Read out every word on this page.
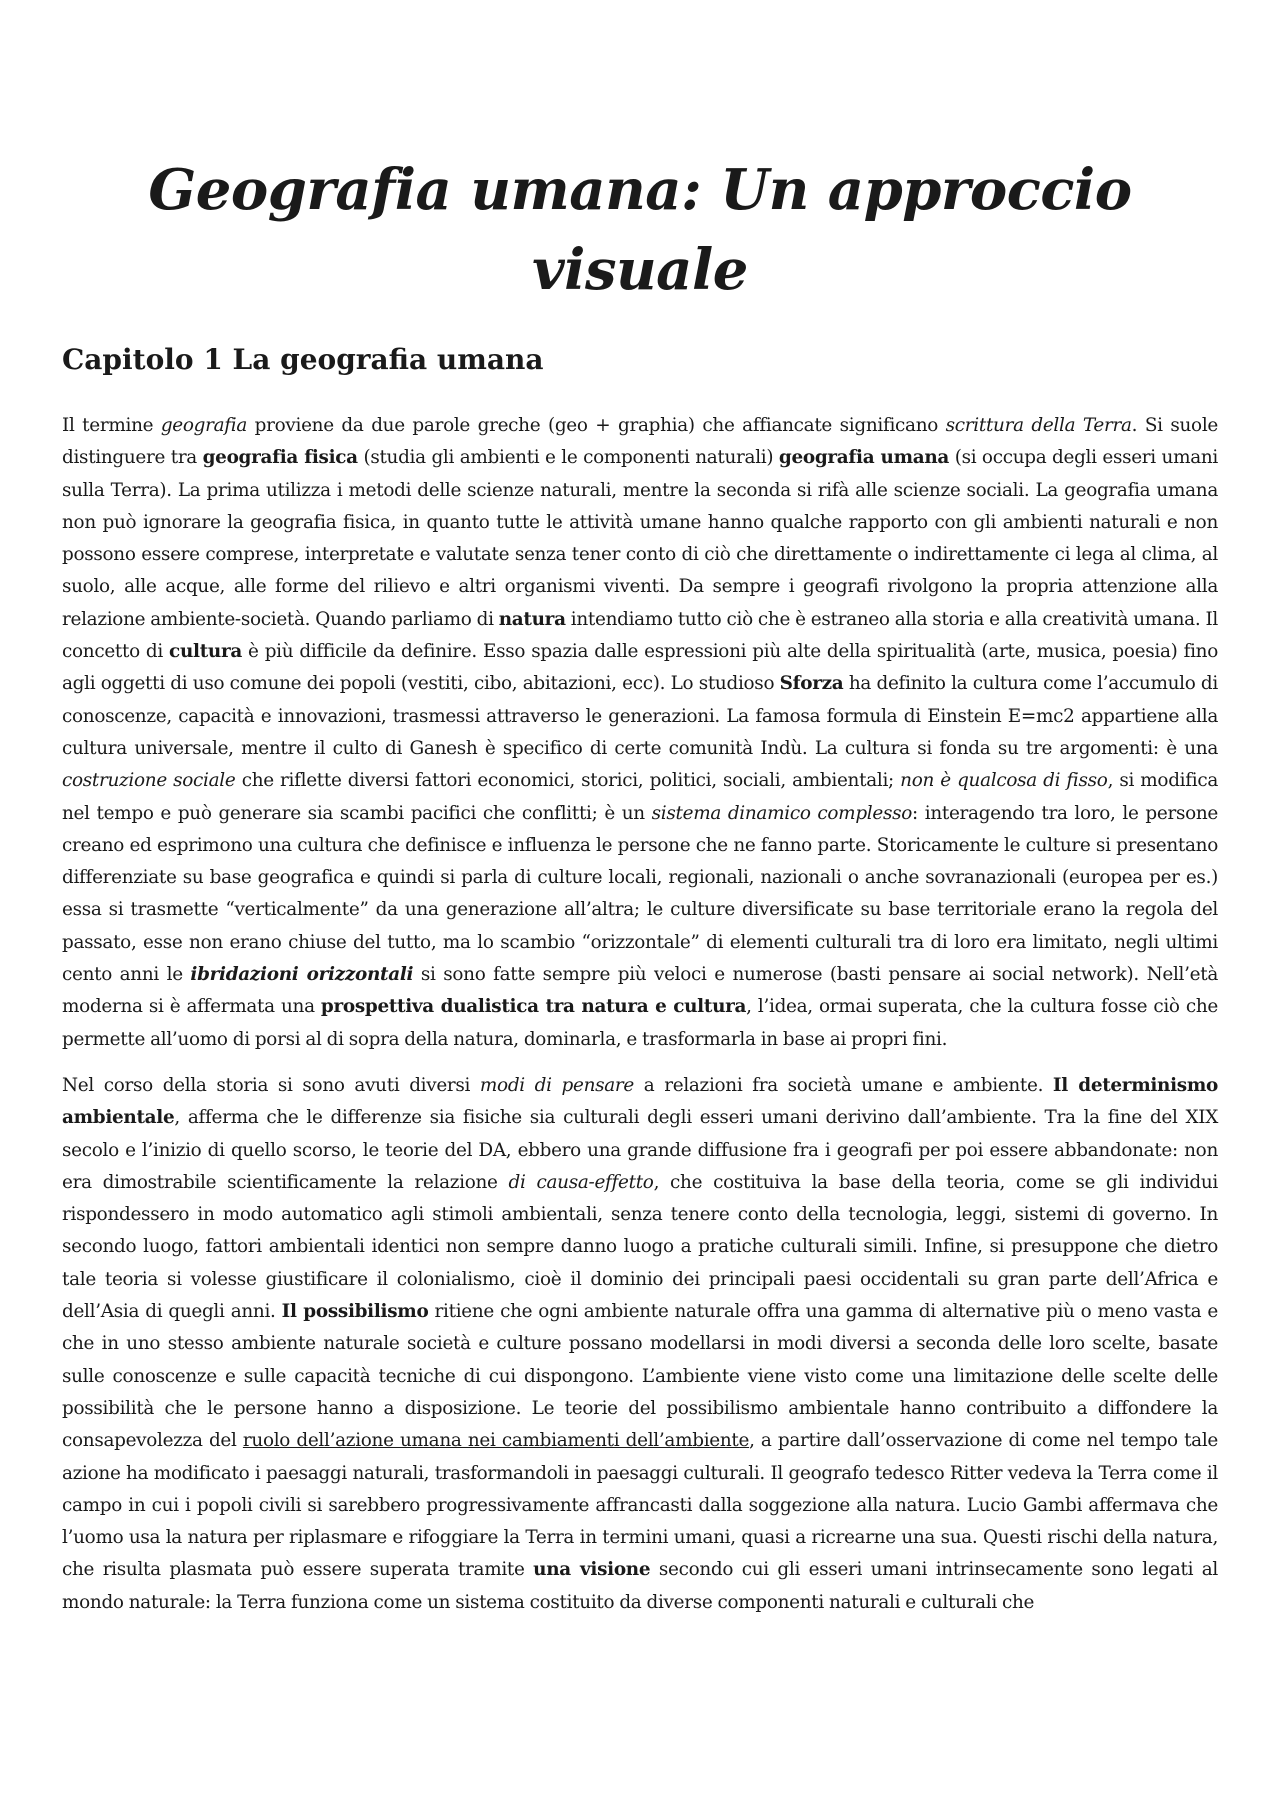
Geografia umana: Un approccio visuale
Capitolo 1 La geografia umana

Il termine geografia proviene da due parole greche (geo + graphia) che affiancate significano scrittura della Terra. Si suole distinguere tra geografia fisica (studia gli ambienti e le componenti naturali) geografia umana (si occupa degli esseri umani sulla Terra). La prima utilizza i metodi delle scienze naturali, mentre la seconda si rifà alle scienze sociali. La geografia umana non può ignorare la geografia fisica, in quanto tutte le attività umane hanno qualche rapporto con gli ambienti naturali e non possono essere comprese, interpretate e valutate senza tener conto di ciò che direttamente o indirettamente ci lega al clima, al suolo, alle acque, alle forme del rilievo e altri organismi viventi. Da sempre i geografi rivolgono la propria attenzione alla relazione ambiente-società. Quando parliamo di natura intendiamo tutto ciò che è estraneo alla storia e alla creatività umana. Il concetto di cultura è più difficile da definire. Esso spazia dalle espressioni più alte della spiritualità (arte, musica, poesia) fino agli oggetti di uso comune dei popoli (vestiti, cibo, abitazioni, ecc). Lo studioso Sforza ha definito la cultura come l’accumulo di conoscenze, capacità e innovazioni, trasmessi attraverso le generazioni. La famosa formula di Einstein E=mc2 appartiene alla cultura universale, mentre il culto di Ganesh è specifico di certe comunità Indù. La cultura si fonda su tre argomenti: è una costruzione sociale che riflette diversi fattori economici, storici, politici, sociali, ambientali; non è qualcosa di fisso, si modifica nel tempo e può generare sia scambi pacifici che conflitti; è un sistema dinamico complesso: interagendo tra loro, le persone creano ed esprimono una cultura che definisce e influenza le persone che ne fanno parte. Storicamente le culture si presentano differenziate su base geografica e quindi si parla di culture locali, regionali, nazionali o anche sovranazionali (europea per es.) essa si trasmette “verticalmente” da una generazione all’altra; le culture diversificate su base territoriale erano la regola del passato, esse non erano chiuse del tutto, ma lo scambio “orizzontale” di elementi culturali tra di loro era limitato, negli ultimi cento anni le ibridazioni orizzontali si sono fatte sempre più veloci e numerose (basti pensare ai social network). Nell’età moderna si è affermata una prospettiva dualistica tra natura e cultura, l’idea, ormai superata, che la cultura fosse ciò che permette all’uomo di porsi al di sopra della natura, dominarla, e trasformarla in base ai propri fini.

Nel corso della storia si sono avuti diversi modi di pensare a relazioni fra società umane e ambiente. Il determinismo ambientale, afferma che le differenze sia fisiche sia culturali degli esseri umani derivino dall’ambiente. Tra la fine del XIX secolo e l’inizio di quello scorso, le teorie del DA, ebbero una grande diffusione fra i geografi per poi essere abbandonate: non era dimostrabile scientificamente la relazione di causa-effetto, che costituiva la base della teoria, come se gli individui rispondessero in modo automatico agli stimoli ambientali, senza tenere conto della tecnologia, leggi, sistemi di governo. In secondo luogo, fattori ambientali identici non sempre danno luogo a pratiche culturali simili. Infine, si presuppone che dietro tale teoria si volesse giustificare il colonialismo, cioè il dominio dei principali paesi occidentali su gran parte dell’Africa e dell’Asia di quegli anni. Il possibilismo ritiene che ogni ambiente naturale offra una gamma di alternative più o meno vasta e che in uno stesso ambiente naturale società e culture possano modellarsi in modi diversi a seconda delle loro scelte, basate sulle conoscenze e sulle capacità tecniche di cui dispongono. L’ambiente viene visto come una limitazione delle scelte delle possibilità che le persone hanno a disposizione. Le teorie del possibilismo ambientale hanno contribuito a diffondere la consapevolezza del ruolo dell’azione umana nei cambiamenti dell’ambiente, a partire dall’osservazione di come nel tempo tale azione ha modificato i paesaggi naturali, trasformandoli in paesaggi culturali. Il geografo tedesco Ritter vedeva la Terra come il campo in cui i popoli civili si sarebbero progressivamente affrancasti dalla soggezione alla natura. Lucio Gambi affermava che l’uomo usa la natura per riplasmare e rifoggiare la Terra in termini umani, quasi a ricrearne una sua. Questi rischi della natura, che risulta plasmata può essere superata tramite una visione secondo cui gli esseri umani intrinsecamente sono legati al mondo naturale: la Terra funziona come un sistema costituito da diverse componenti naturali e culturali che
